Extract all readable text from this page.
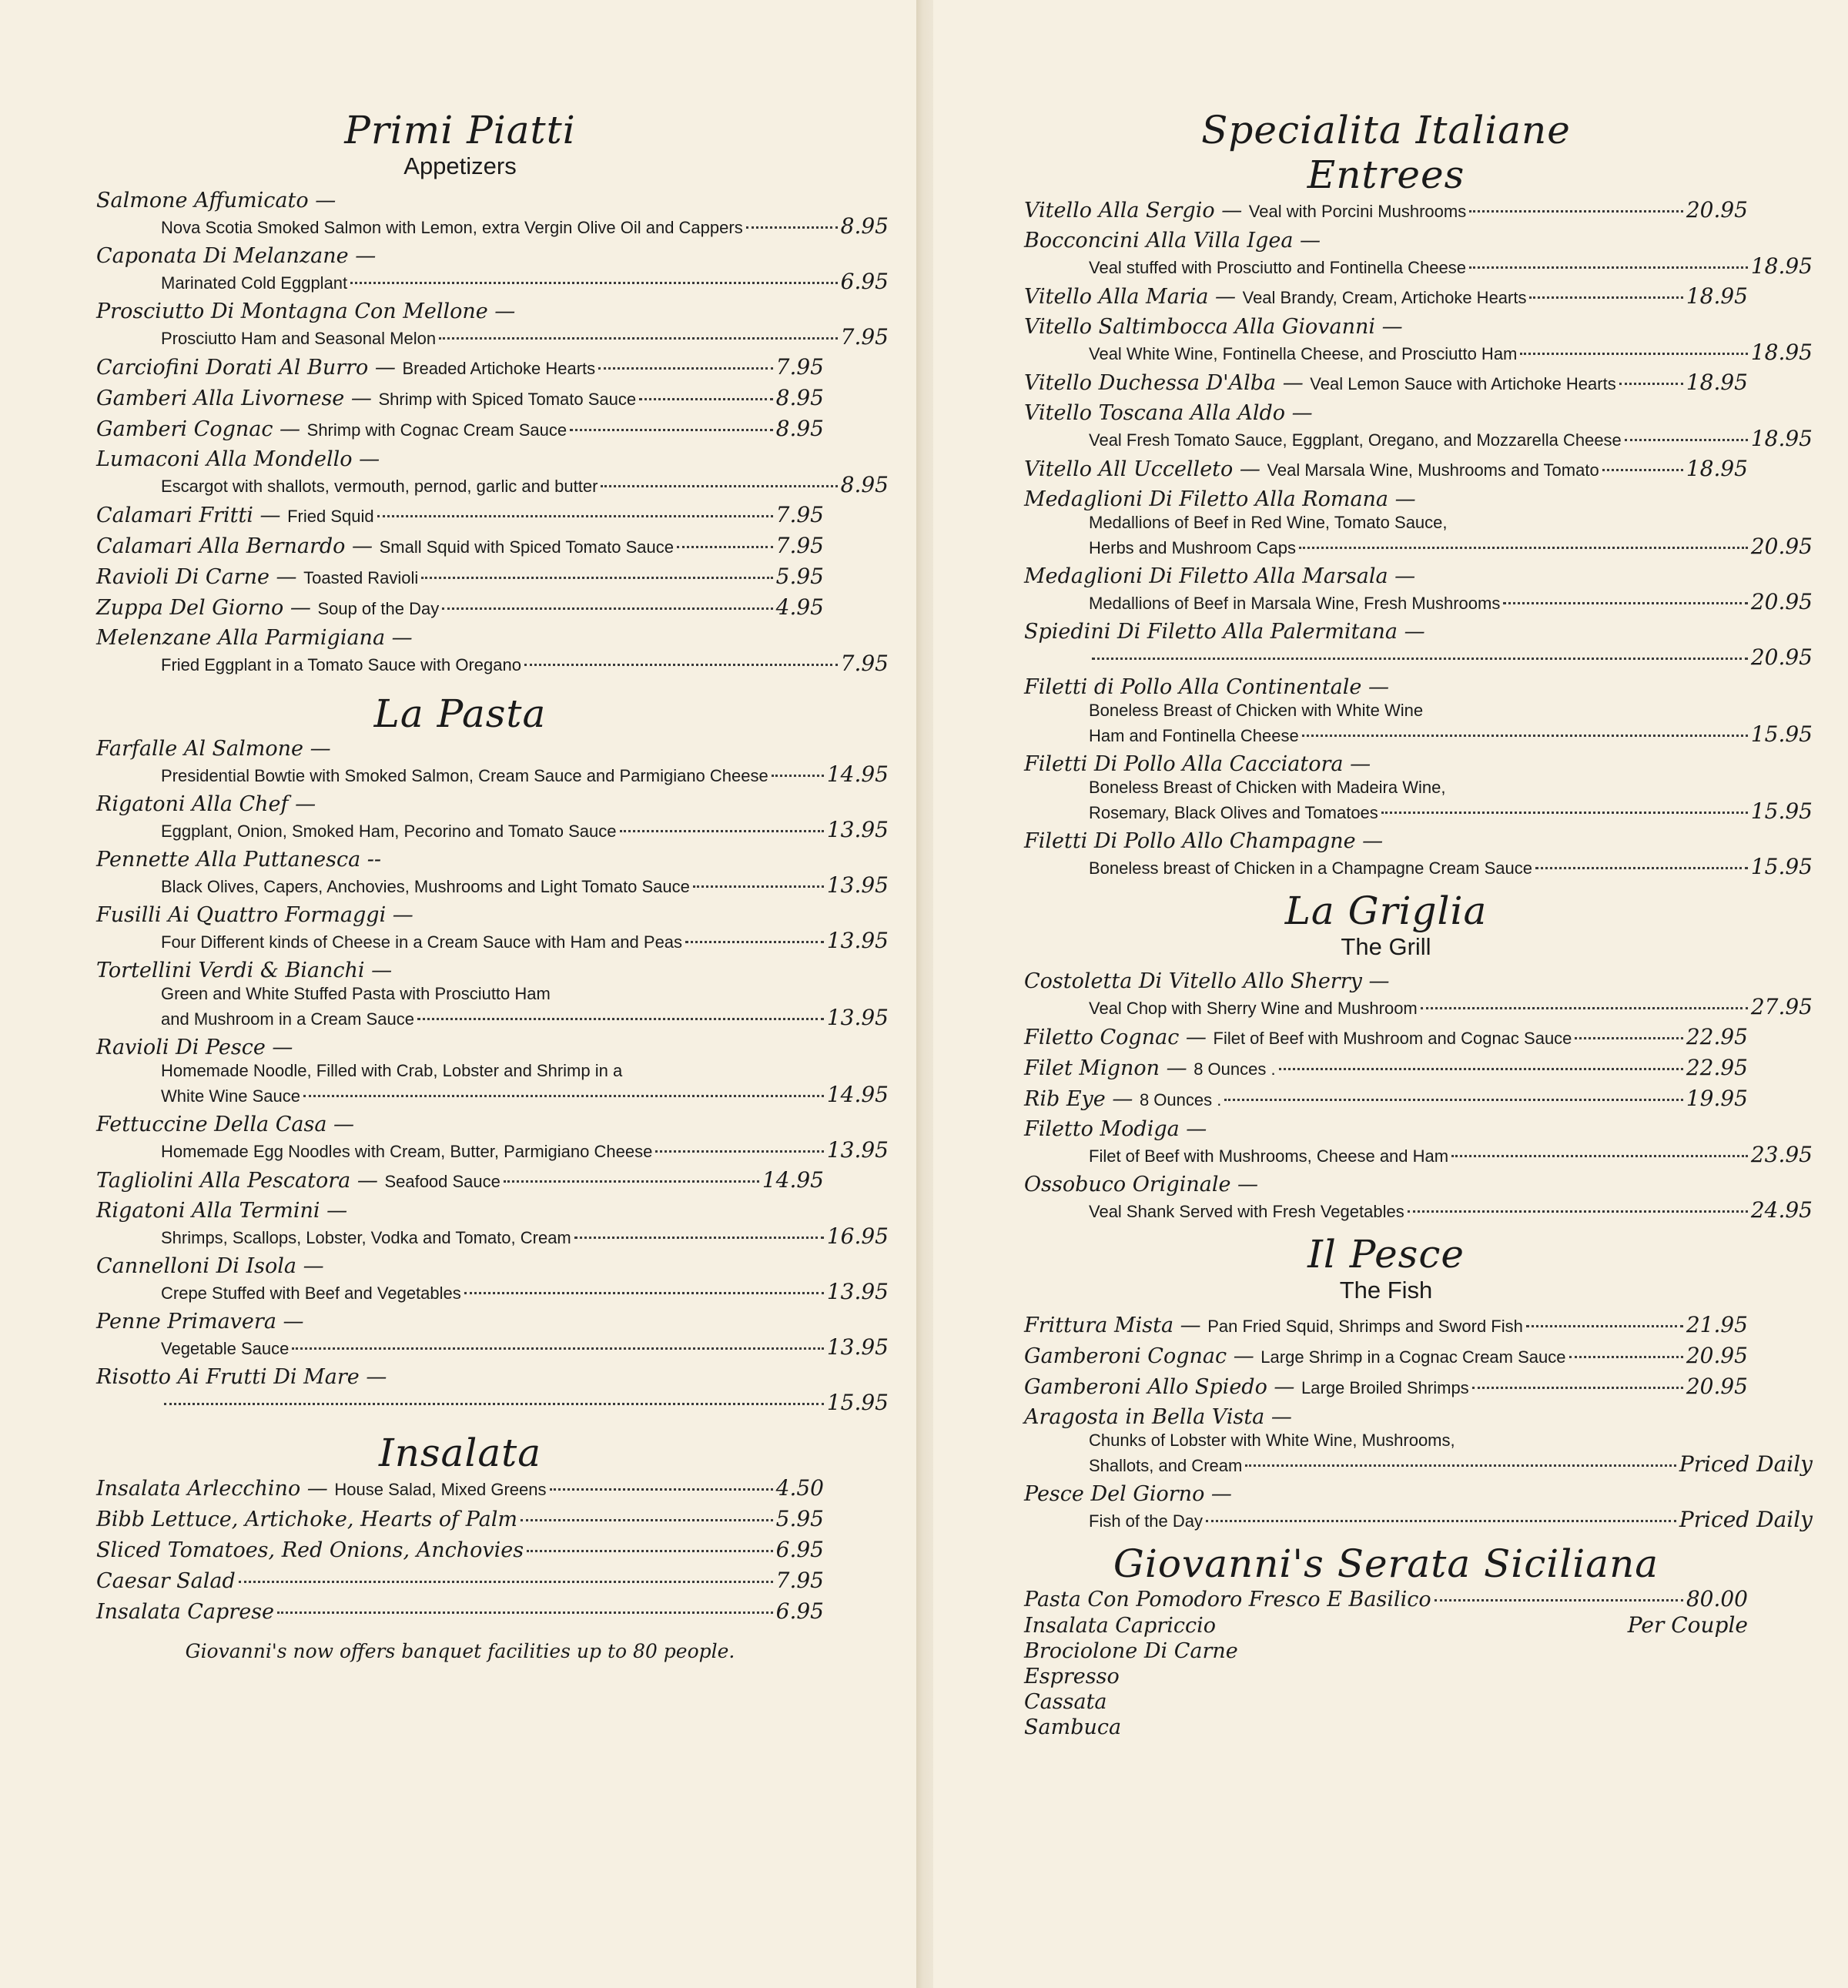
Primi Piatti
Appetizers
Salmone Affumicato —
Nova Scotia Smoked Salmon with Lemon, extra Vergin Olive Oil and Cappers	8.95
Caponata Di Melanzane —
Marinated Cold Eggplant	6.95
Prosciutto Di Montagna Con Mellone —
Prosciutto Ham and Seasonal Melon	7.95
Carciofini Dorati Al Burro — Breaded Artichoke Hearts	7.95
Gamberi Alla Livornese — Shrimp with Spiced Tomato Sauce	8.95
Gamberi Cognac — Shrimp with Cognac Cream Sauce	8.95
Lumaconi Alla Mondello —
Escargot with shallots, vermouth, pernod, garlic and butter	8.95
Calamari Fritti — Fried Squid	7.95
Calamari Alla Bernardo — Small Squid with Spiced Tomato Sauce	7.95
Ravioli Di Carne — Toasted Ravioli	5.95
Zuppa Del Giorno — Soup of the Day	4.95
Melenzane Alla Parmigiana —
Fried Eggplant in a Tomato Sauce with Oregano	7.95
La Pasta
Farfalle Al Salmone —
Presidential Bowtie with Smoked Salmon, Cream Sauce and Parmigiano Cheese	14.95
Rigatoni Alla Chef —
Eggplant, Onion, Smoked Ham, Pecorino and Tomato Sauce	13.95
Pennette Alla Puttanesca --
Black Olives, Capers, Anchovies, Mushrooms and Light Tomato Sauce	13.95
Fusilli Ai Quattro Formaggi —
Four Different kinds of Cheese in a Cream Sauce with Ham and Peas	13.95
Tortellini Verdi & Bianchi —
Green and White Stuffed Pasta with Prosciutto Ham
and Mushroom in a Cream Sauce	13.95
Ravioli Di Pesce —
Homemade Noodle, Filled with Crab, Lobster and Shrimp in a
White Wine Sauce	14.95
Fettuccine Della Casa —
Homemade Egg Noodles with Cream, Butter, Parmigiano Cheese	13.95
Tagliolini Alla Pescatora — Seafood Sauce	14.95
Rigatoni Alla Termini —
Shrimps, Scallops, Lobster, Vodka and Tomato, Cream	16.95
Cannelloni Di Isola —
Crepe Stuffed with Beef and Vegetables	13.95
Penne Primavera —
Vegetable Sauce	13.95
Risotto Ai Frutti Di Mare —
15.95
Insalata
Insalata Arlecchino — House Salad, Mixed Greens	4.50
Bibb Lettuce, Artichoke, Hearts of Palm	5.95
Sliced Tomatoes, Red Onions, Anchovies	6.95
Caesar Salad	7.95
Insalata Caprese	6.95
Giovanni's now offers banquet facilities up to 80 people.
Specialita Italiane
Entrees
Vitello Alla Sergio — Veal with Porcini Mushrooms	20.95
Bocconcini Alla Villa Igea —
Veal stuffed with Prosciutto and Fontinella Cheese	18.95
Vitello Alla Maria — Veal Brandy, Cream, Artichoke Hearts	18.95
Vitello Saltimbocca Alla Giovanni —
Veal White Wine, Fontinella Cheese, and Prosciutto Ham	18.95
Vitello Duchessa D'Alba — Veal Lemon Sauce with Artichoke Hearts	18.95
Vitello Toscana Alla Aldo —
Veal Fresh Tomato Sauce, Eggplant, Oregano, and Mozzarella Cheese	18.95
Vitello All Uccelleto — Veal Marsala Wine, Mushrooms and Tomato	18.95
Medaglioni Di Filetto Alla Romana —
Medallions of Beef in Red Wine, Tomato Sauce,
Herbs and Mushroom Caps	20.95
Medaglioni Di Filetto Alla Marsala —
Medallions of Beef in Marsala Wine, Fresh Mushrooms	20.95
Spiedini Di Filetto Alla Palermitana —
20.95
Filetti di Pollo Alla Continentale —
Boneless Breast of Chicken with White Wine
Ham and Fontinella Cheese	15.95
Filetti Di Pollo Alla Cacciatora —
Boneless Breast of Chicken with Madeira Wine,
Rosemary, Black Olives and Tomatoes	15.95
Filetti Di Pollo Allo Champagne —
Boneless breast of Chicken in a Champagne Cream Sauce	15.95
La Griglia
The Grill
Costoletta Di Vitello Allo Sherry —
Veal Chop with Sherry Wine and Mushroom	27.95
Filetto Cognac — Filet of Beef with Mushroom and Cognac Sauce	22.95
Filet Mignon — 8 Ounces .	22.95
Rib Eye — 8 Ounces .	19.95
Filetto Modiga —
Filet of Beef with Mushrooms, Cheese and Ham	23.95
Ossobuco Originale —
Veal Shank Served with Fresh Vegetables	24.95
Il Pesce
The Fish
Frittura Mista — Pan Fried Squid, Shrimps and Sword Fish	21.95
Gamberoni Cognac — Large Shrimp in a Cognac Cream Sauce	20.95
Gamberoni Allo Spiedo — Large Broiled Shrimps	20.95
Aragosta in Bella Vista —
Chunks of Lobster with White Wine, Mushrooms,
Shallots, and Cream	Priced Daily
Pesce Del Giorno —
Fish of the Day	Priced Daily
Giovanni's Serata Siciliana
Pasta Con Pomodoro Fresco E Basilico	80.00
Insalata Capriccio	Per Couple
Brociolone Di Carne
Espresso
Cassata
Sambuca
